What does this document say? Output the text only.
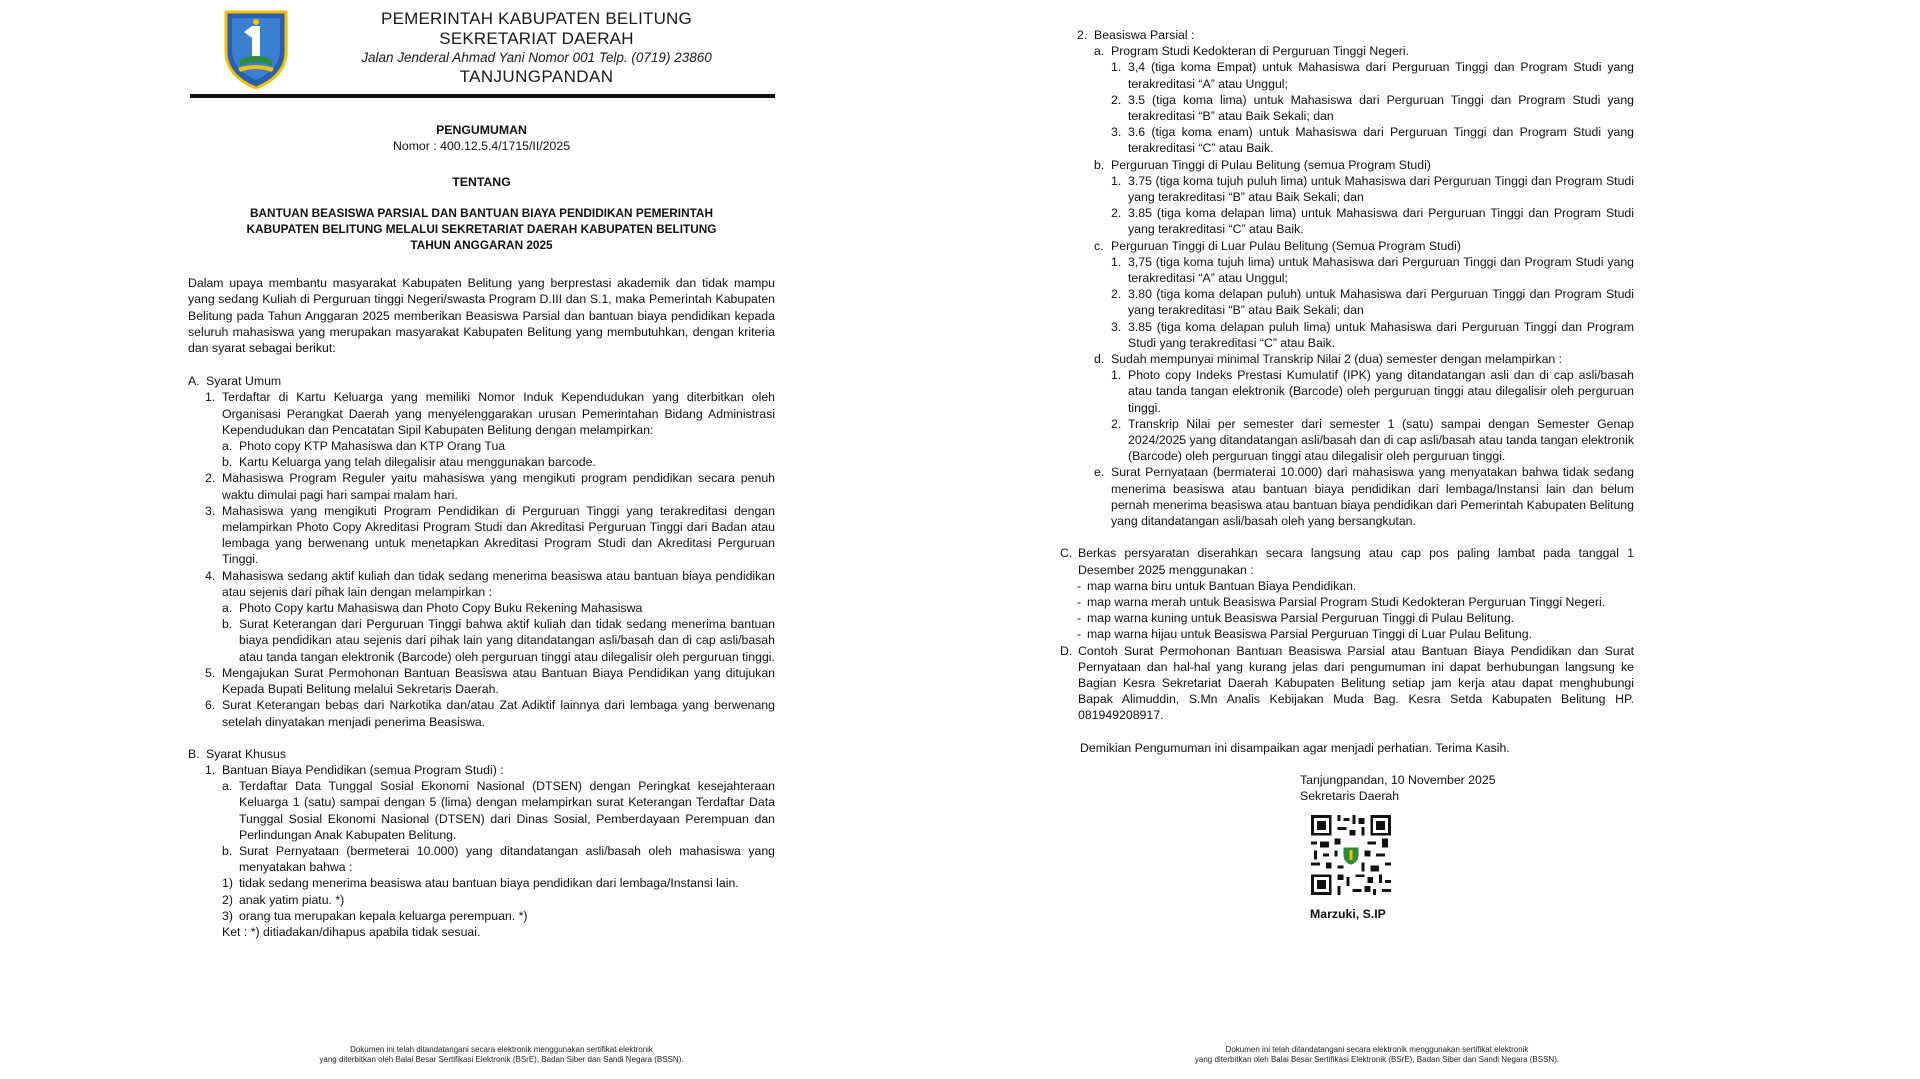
PEMERINTAH KABUPATEN BELITUNG
SEKRETARIAT DAERAH
Jalan Jenderal Ahmad Yani Nomor 001 Telp. (0719) 23860
TANJUNGPANDAN
PENGUMUMAN
Nomor : 400.12.5.4/1715/II/2025
TENTANG
BANTUAN BEASISWA PARSIAL DAN BANTUAN BIAYA PENDIDIKAN PEMERINTAH
KABUPATEN BELITUNG MELALUI SEKRETARIAT DAERAH KABUPATEN BELITUNG
TAHUN ANGGARAN 2025
Dalam upaya membantu masyarakat Kabupaten Belitung yang berprestasi akademik dan tidak mampu yang sedang Kuliah di Perguruan tinggi Negeri/swasta Program D.III dan S.1, maka Pemerintah Kabupaten Belitung pada Tahun Anggaran 2025 memberikan Beasiswa Parsial dan bantuan biaya pendidikan kepada seluruh mahasiswa yang merupakan masyarakat Kabupaten Belitung yang membutuhkan, dengan kriteria dan syarat sebagai berikut:
A. Syarat Umum
1. Terdaftar di Kartu Keluarga yang memiliki Nomor Induk Kependudukan yang diterbitkan oleh Organisasi Perangkat Daerah yang menyelenggarakan urusan Pemerintahan Bidang Administrasi Kependudukan dan Pencatatan Sipil Kabupaten Belitung dengan melampirkan:
a. Photo copy KTP Mahasiswa dan KTP Orang Tua
b. Kartu Keluarga yang telah dilegalisir atau menggunakan barcode.
2. Mahasiswa Program Reguler yaitu mahasiswa yang mengikuti program pendidikan secara penuh waktu dimulai pagi hari sampai malam hari.
3. Mahasiswa yang mengikuti Program Pendidikan di Perguruan Tinggi yang terakreditasi dengan melampirkan Photo Copy Akreditasi Program Studi dan Akreditasi Perguruan Tinggi dari Badan atau lembaga yang berwenang untuk menetapkan Akreditasi Program Studi dan Akreditasi Perguruan Tinggi.
4. Mahasiswa sedang aktif kuliah dan tidak sedang menerima beasiswa atau bantuan biaya pendidikan atau sejenis dari pihak lain dengan melampirkan :
a. Photo Copy kartu Mahasiswa dan Photo Copy Buku Rekening Mahasiswa
b. Surat Keterangan dari Perguruan Tinggi bahwa aktif kuliah dan tidak sedang menerima bantuan biaya pendidikan atau sejenis dari pihak lain yang ditandatangan asli/basah dan di cap asli/basah atau tanda tangan elektronik (Barcode) oleh perguruan tinggi atau dilegalisir oleh perguruan tinggi.
5. Mengajukan Surat Permohonan Bantuan Beasiswa atau Bantuan Biaya Pendidikan yang ditujukan Kepada Bupati Belitung melalui Sekretaris Daerah.
6. Surat Keterangan bebas dari Narkotika dan/atau Zat Adiktif lainnya dari lembaga yang berwenang setelah dinyatakan menjadi penerima Beasiswa.
B. Syarat Khusus
1. Bantuan Biaya Pendidikan (semua Program Studi) :
a. Terdaftar Data Tunggal Sosial Ekonomi Nasional (DTSEN) dengan Peringkat kesejahteraan Keluarga 1 (satu) sampai dengan 5 (lima) dengan melampirkan surat Keterangan Terdaftar Data Tunggal Sosial Ekonomi Nasional (DTSEN) dari Dinas Sosial, Pemberdayaan Perempuan dan Perlindungan Anak Kabupaten Belitung.
b. Surat Pernyataan (bermeterai 10.000) yang ditandatangan asli/basah oleh mahasiswa yang menyatakan bahwa :
1) tidak sedang menerima beasiswa atau bantuan biaya pendidikan dari lembaga/Instansi lain.
2) anak yatim piatu. *)
3) orang tua merupakan kepala keluarga perempuan. *)
Ket : *) ditiadakan/dihapus apabila tidak sesuai.
Dokumen ini telah ditandatangani secara elektronik menggunakan sertifikat elektronik
yang diterbitkan oleh Balai Besar Sertifikasi Elektronik (BSrE), Badan Siber dan Sandi Negara (BSSN).
2. Beasiswa Parsial :
a. Program Studi Kedokteran di Perguruan Tinggi Negeri.
1. 3,4 (tiga koma Empat) untuk Mahasiswa dari Perguruan Tinggi dan Program Studi yang terakreditasi “A” atau Unggul;
2. 3.5 (tiga koma lima) untuk Mahasiswa dari Perguruan Tinggi dan Program Studi yang terakreditasi “B” atau Baik Sekali; dan
3. 3.6 (tiga koma enam) untuk Mahasiswa dari Perguruan Tinggi dan Program Studi yang terakreditasi “C” atau Baik.
b. Perguruan Tinggi di Pulau Belitung (semua Program Studi)
1. 3.75 (tiga koma tujuh puluh lima) untuk Mahasiswa dari Perguruan Tinggi dan Program Studi yang terakreditasi “B” atau Baik Sekali; dan
2. 3.85 (tiga koma delapan lima) untuk Mahasiswa dari Perguruan Tinggi dan Program Studi yang terakreditasi “C” atau Baik.
c. Perguruan Tinggi di Luar Pulau Belitung (Semua Program Studi)
1. 3,75 (tiga koma tujuh lima) untuk Mahasiswa dari Perguruan Tinggi dan Program Studi yang terakreditasi “A” atau Unggul;
2. 3.80 (tiga koma delapan puluh) untuk Mahasiswa dari Perguruan Tinggi dan Program Studi yang terakreditasi “B” atau Baik Sekali; dan
3. 3.85 (tiga koma delapan puluh lima) untuk Mahasiswa dari Perguruan Tinggi dan Program Studi yang terakreditasi “C” atau Baik.
d. Sudah mempunyai minimal Transkrip Nilai 2 (dua) semester dengan melampirkan :
1. Photo copy Indeks Prestasi Kumulatif (IPK) yang ditandatangan asli dan di cap asli/basah atau tanda tangan elektronik (Barcode) oleh perguruan tinggi atau dilegalisir oleh perguruan tinggi.
2. Transkrip Nilai per semester dari semester 1 (satu) sampai dengan Semester Genap 2024/2025 yang ditandatangan asli/basah dan di cap asli/basah atau tanda tangan elektronik (Barcode) oleh perguruan tinggi atau dilegalisir oleh perguruan tinggi.
e. Surat Pernyataan (bermaterai 10.000) dari mahasiswa yang menyatakan bahwa tidak sedang menerima beasiswa atau bantuan biaya pendidikan dari lembaga/Instansi lain dan belum pernah menerima beasiswa atau bantuan biaya pendidikan dari Pemerintah Kabupaten Belitung yang ditandatangan asli/basah oleh yang bersangkutan.
C. Berkas persyaratan diserahkan secara langsung atau cap pos paling lambat pada tanggal 1 Desember 2025 menggunakan :
- map warna biru untuk Bantuan Biaya Pendidikan.
- map warna merah untuk Beasiswa Parsial Program Studi Kedokteran Perguruan Tinggi Negeri.
- map warna kuning untuk Beasiswa Parsial Perguruan Tinggi di Pulau Belitung.
- map warna hijau untuk Beasiswa Parsial Perguruan Tinggi di Luar Pulau Belitung.
D. Contoh Surat Permohonan Bantuan Beasiswa Parsial atau Bantuan Biaya Pendidikan dan Surat Pernyataan dan hal-hal yang kurang jelas dari pengumuman ini dapat berhubungan langsung ke Bagian Kesra Sekretariat Daerah Kabupaten Belitung setiap jam kerja atau dapat menghubungi Bapak Alimuddin, S.Mn Analis Kebijakan Muda Bag. Kesra Setda Kabupaten Belitung HP. 081949208917.
Demikian Pengumuman ini disampaikan agar menjadi perhatian. Terima Kasih.
Tanjungpandan, 10 November 2025
Sekretaris Daerah
Marzuki, S.IP
Dokumen ini telah ditandatangani secara elektronik menggunakan sertifikat elektronik
yang diterbitkan oleh Balai Besar Sertifikasi Elektronik (BSrE), Badan Siber dan Sandi Negara (BSSN).
